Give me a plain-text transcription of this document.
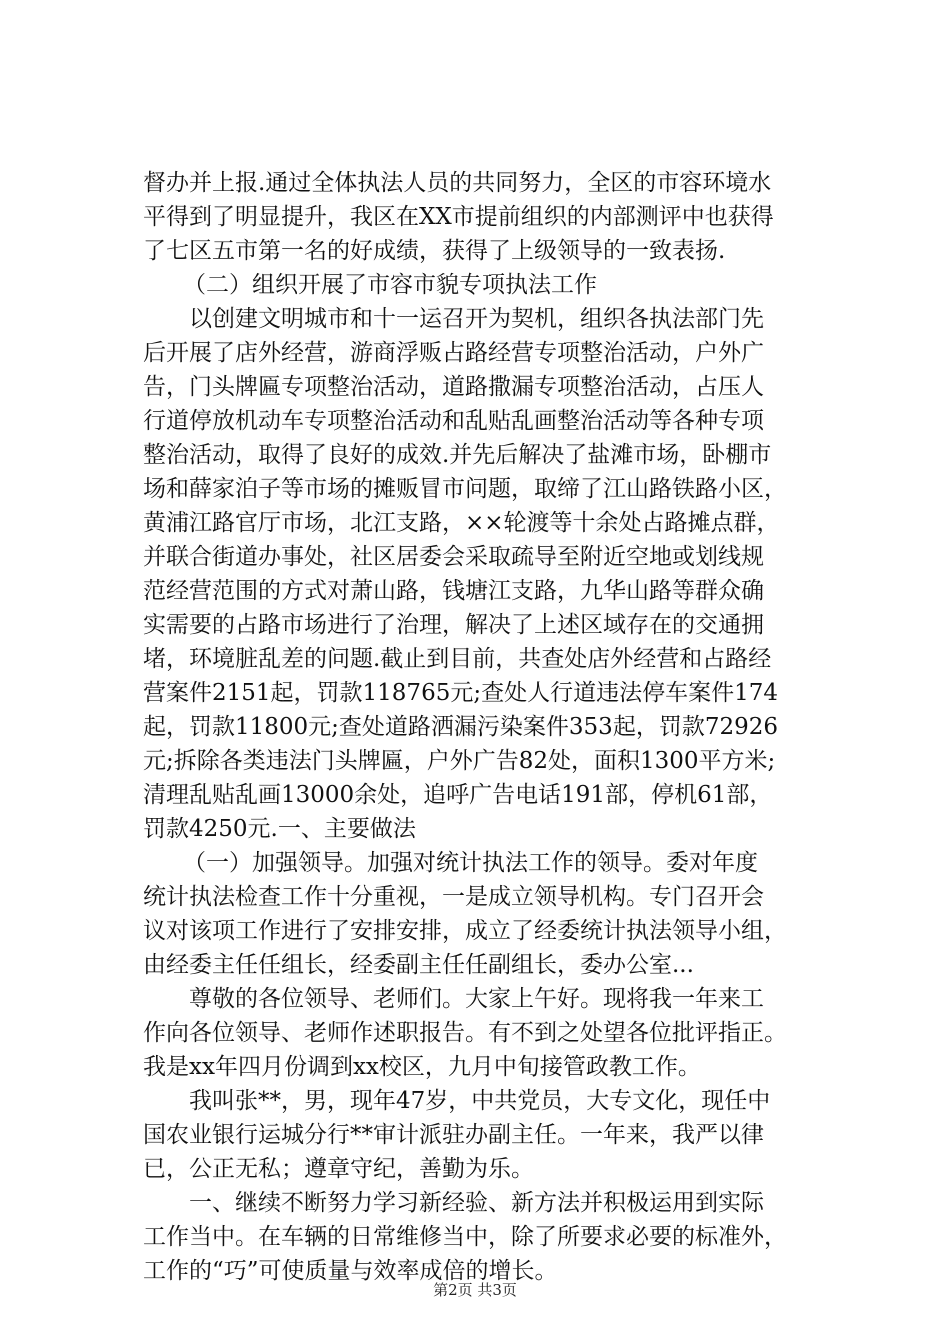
督办并上报.通过全体执法人员的共同努力，全区的市容环境水
平得到了明显提升，我区在XX市提前组织的内部测评中也获得
了七区五市第一名的好成绩，获得了上级领导的一致表扬.
（二）组织开展了市容市貌专项执法工作
以创建文明城市和十一运召开为契机，组织各执法部门先
后开展了店外经营，游商浮贩占路经营专项整治活动，户外广
告，门头牌匾专项整治活动，道路撒漏专项整治活动，占压人
行道停放机动车专项整治活动和乱贴乱画整治活动等各种专项
整治活动，取得了良好的成效.并先后解决了盐滩市场，卧棚市
场和薛家泊子等市场的摊贩冒市问题，取缔了江山路铁路小区，
黄浦江路官厅市场，北江支路，××轮渡等十余处占路摊点群，
并联合街道办事处，社区居委会采取疏导至附近空地或划线规
范经营范围的方式对萧山路，钱塘江支路，九华山路等群众确
实需要的占路市场进行了治理，解决了上述区域存在的交通拥
堵，环境脏乱差的问题.截止到目前，共查处店外经营和占路经
营案件2151起，罚款118765元;查处人行道违法停车案件174
起，罚款11800元;查处道路洒漏污染案件353起，罚款72926
元;拆除各类违法门头牌匾，户外广告82处，面积1300平方米;
清理乱贴乱画13000余处，追呼广告电话191部，停机61部，
罚款4250元.一、主要做法
（一）加强领导。加强对统计执法工作的领导。委对年度
统计执法检查工作十分重视，一是成立领导机构。专门召开会
议对该项工作进行了安排安排，成立了经委统计执法领导小组，
由经委主任任组长，经委副主任任副组长，委办公室...
尊敬的各位领导、老师们。大家上午好。现将我一年来工
作向各位领导、老师作述职报告。有不到之处望各位批评指正。
我是xx年四月份调到xx校区，九月中旬接管政教工作。
我叫张**，男，现年47岁，中共党员，大专文化，现任中
国农业银行运城分行**审计派驻办副主任。一年来，我严以律
已，公正无私；遵章守纪，善勤为乐。
一、继续不断努力学习新经验、新方法并积极运用到实际
工作当中。在车辆的日常维修当中，除了所要求必要的标准外，
工作的“巧”可使质量与效率成倍的增长。
第2页 共3页
